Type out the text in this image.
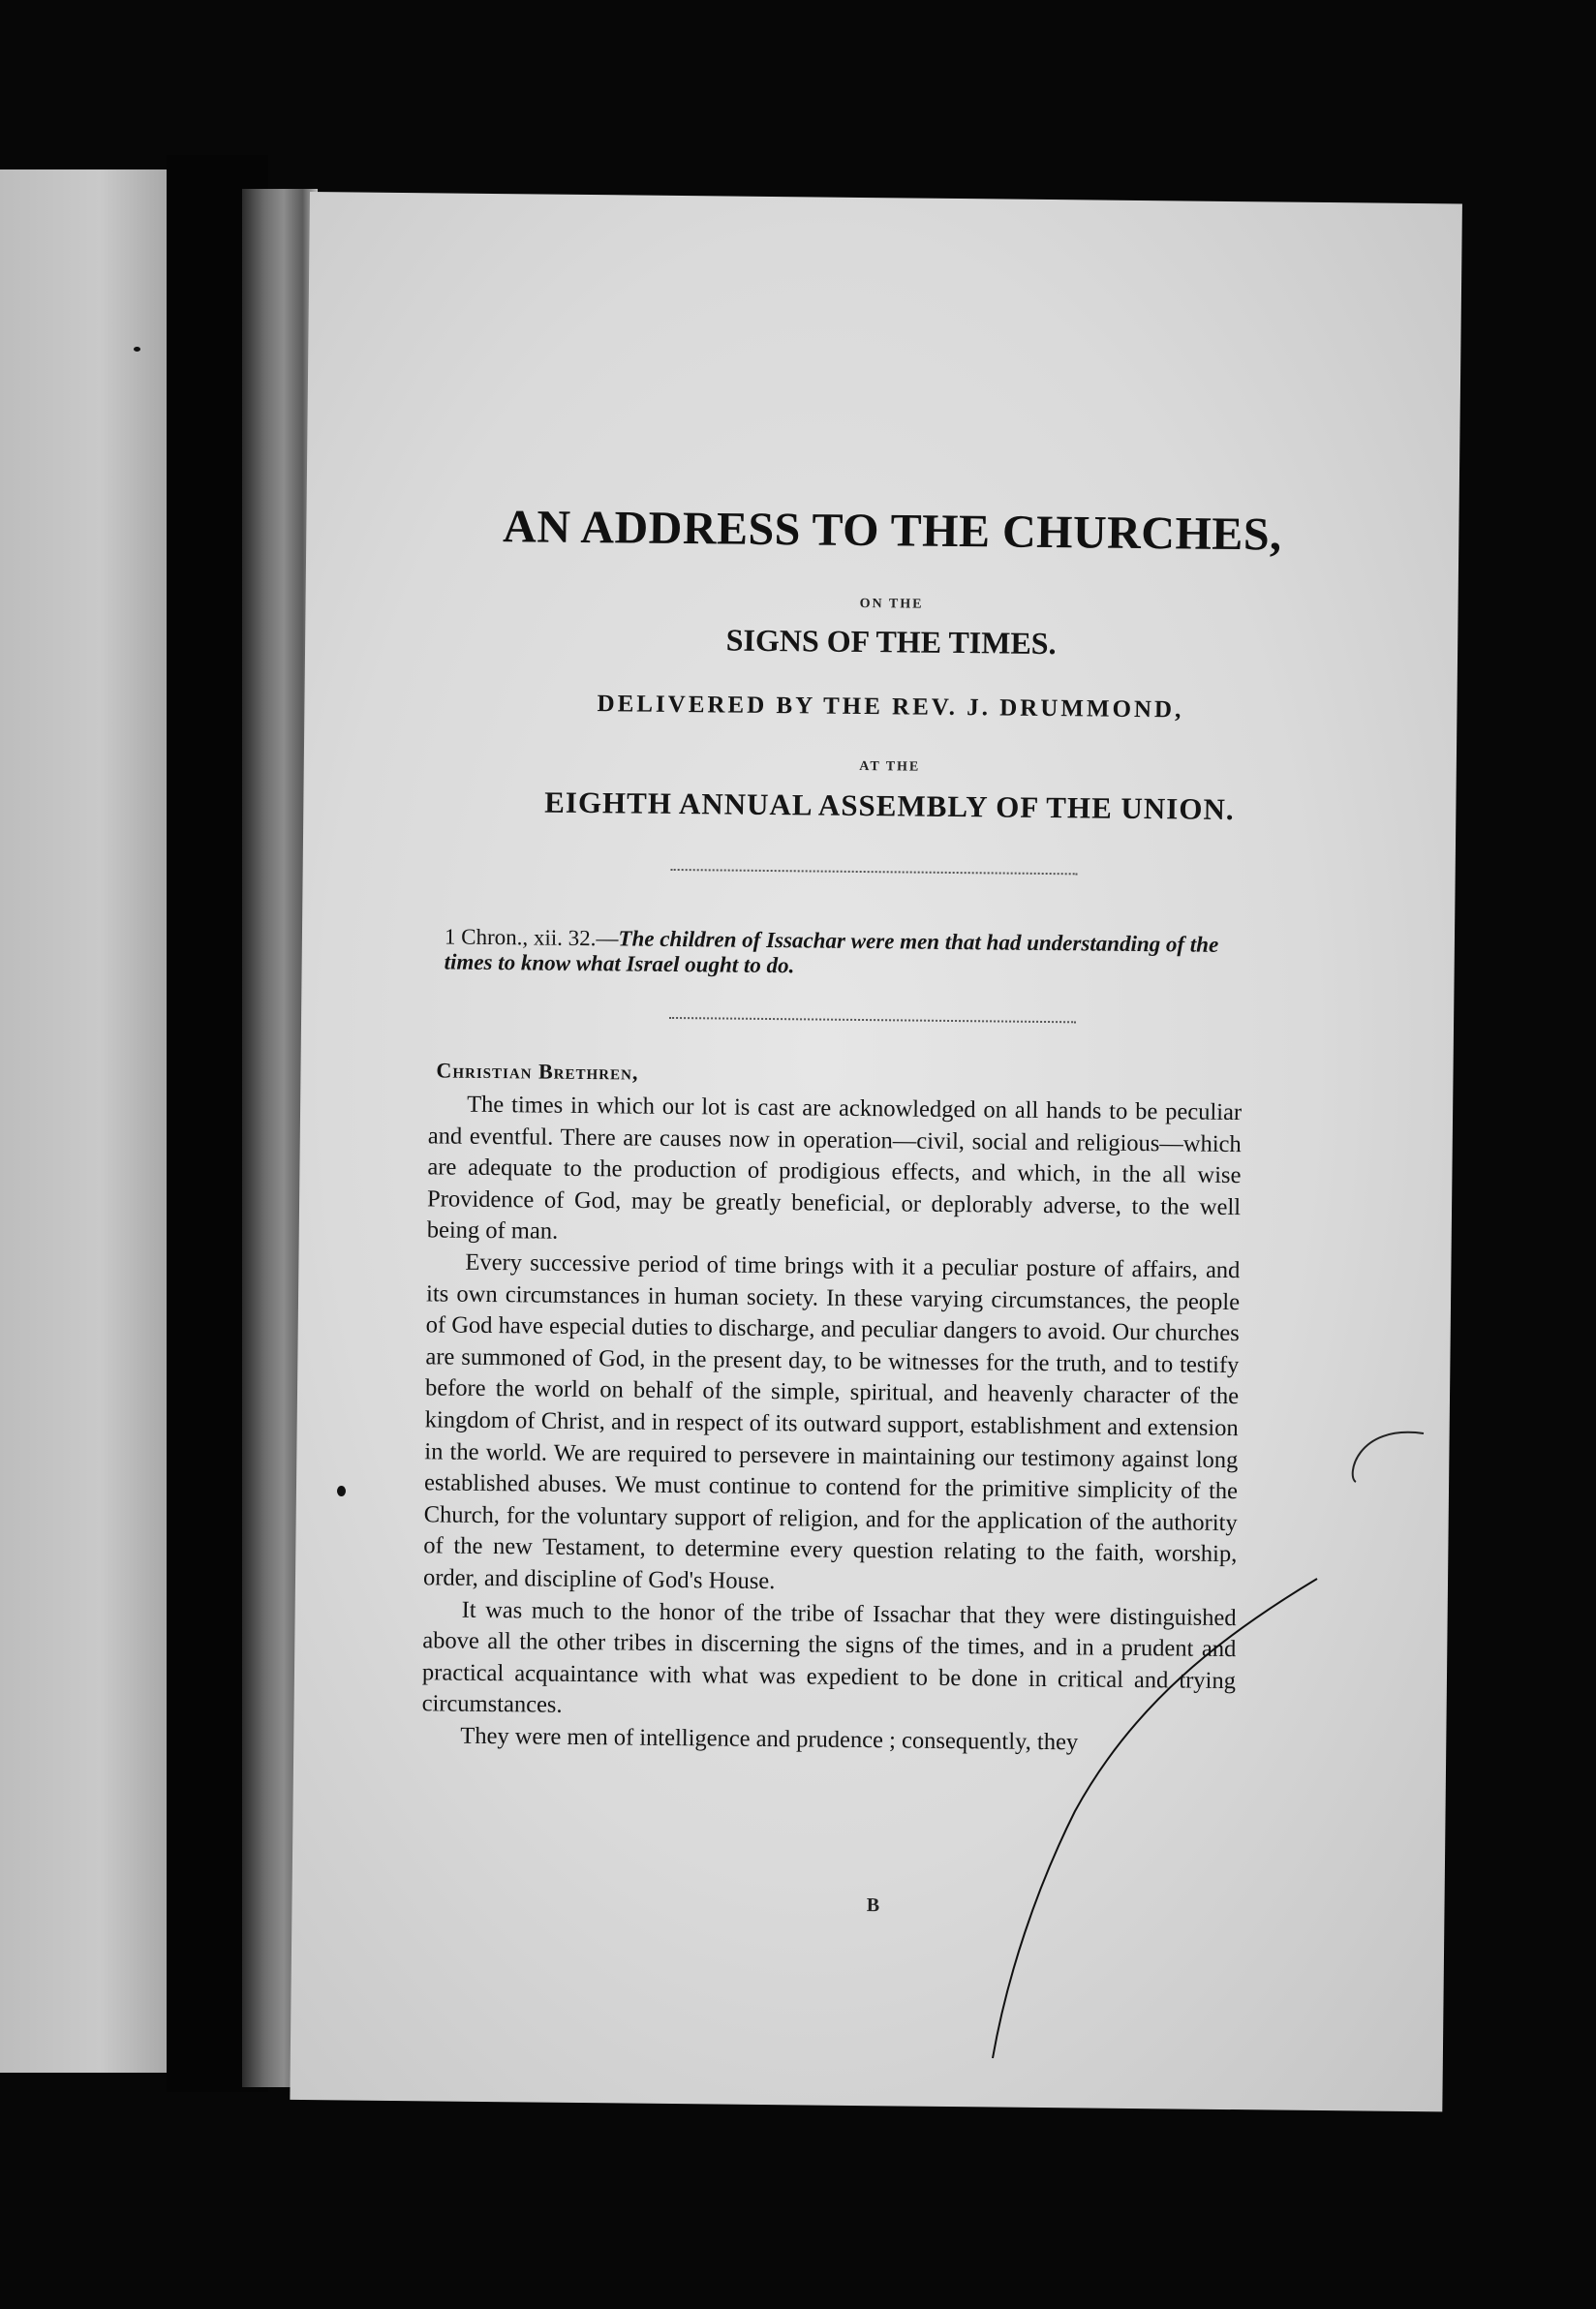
AN ADDRESS TO THE CHURCHES,
ON THE
SIGNS OF THE TIMES.
DELIVERED BY THE REV. J. DRUMMOND,
AT THE
EIGHTH ANNUAL ASSEMBLY OF THE UNION.
1 Chron., xii. 32.—The children of Issachar were men that had understanding of the times to know what Israel ought to do.
Christian Brethren,

The times in which our lot is cast are acknowledged on all hands to be peculiar and eventful. There are causes now in operation—civil, social and religious—which are adequate to the production of prodigious effects, and which, in the all wise Providence of God, may be greatly beneficial, or deplorably adverse, to the well being of man.

Every successive period of time brings with it a peculiar posture of affairs, and its own circumstances in human society. In these varying circumstances, the people of God have especial duties to discharge, and peculiar dangers to avoid. Our churches are summoned of God, in the present day, to be witnesses for the truth, and to testify before the world on behalf of the simple, spiritual, and heavenly character of the kingdom of Christ, and in respect of its outward support, establishment and extension in the world. We are required to persevere in maintaining our testimony against long established abuses. We must continue to contend for the primitive simplicity of the Church, for the voluntary support of religion, and for the application of the authority of the new Testament, to determine every question relating to the faith, worship, order, and discipline of God's House.

It was much to the honor of the tribe of Issachar that they were distinguished above all the other tribes in discerning the signs of the times, and in a prudent and practical acquaintance with what was expedient to be done in critical and trying circumstances.

They were men of intelligence and prudence ; consequently, they

B
